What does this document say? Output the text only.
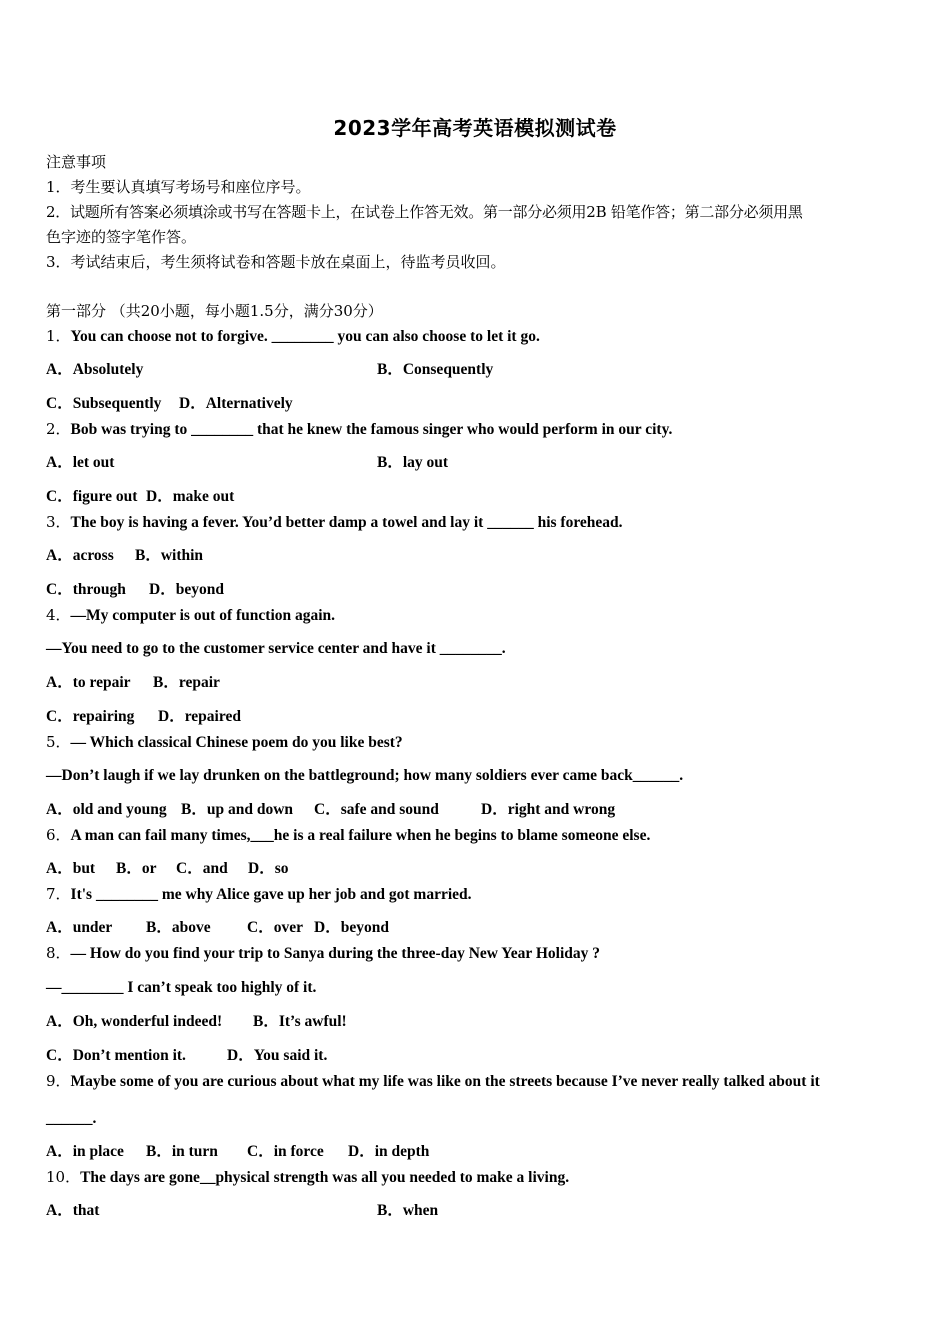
2023学年高考英语模拟测试卷
注意事项
1．考生要认真填写考场号和座位序号。
2．试题所有答案必须填涂或书写在答题卡上，在试卷上作答无效。第一部分必须用2B 铅笔作答；第二部分必须用黑
色字迹的签字笔作答。
3．考试结束后，考生须将试卷和答题卡放在桌面上，待监考员收回。
第一部分 （共20小题，每小题1.5分，满分30分）
1．You can choose not to forgive. ________ you can also choose to let it go.
A．Absolutely	B．Consequently
C．Subsequently D．Alternatively
2．Bob was trying to ________ that he knew the famous singer who would perform in our city.
A．let out	B．lay out
C．figure out D．make out
3．The boy is having a fever. You’d better damp a towel and lay it ______ his forehead.
A．across B．within
C．through D．beyond
4．—My computer is out of function again.
—You need to go to the customer service center and have it ________.
A．to repair B．repair
C．repairing D．repaired
5．— Which classical Chinese poem do you like best?
—Don’t laugh if we lay drunken on the battleground; how many soldiers ever came back______.
A．old and young B．up and down C．safe and sound	D．right and wrong
6．A man can fail many times,___he is a real failure when he begins to blame someone else.
A．but B．or C．and D．so
7．It's ________ me why Alice gave up her job and got married.
A．under B．above C．over D．beyond
8．— How do you find your trip to Sanya during the three-day New Year Holiday ?
—________ I can’t speak too highly of it.
A．Oh, wonderful indeed! B．It’s awful!
C．Don’t mention it.	D．You said it.
9．Maybe some of you are curious about what my life was like on the streets because I’ve never really talked about it
______.
A．in place B．in turn C．in force D．in depth
10．The days are gone__physical strength was all you needed to make a living.
A．that	B．when
